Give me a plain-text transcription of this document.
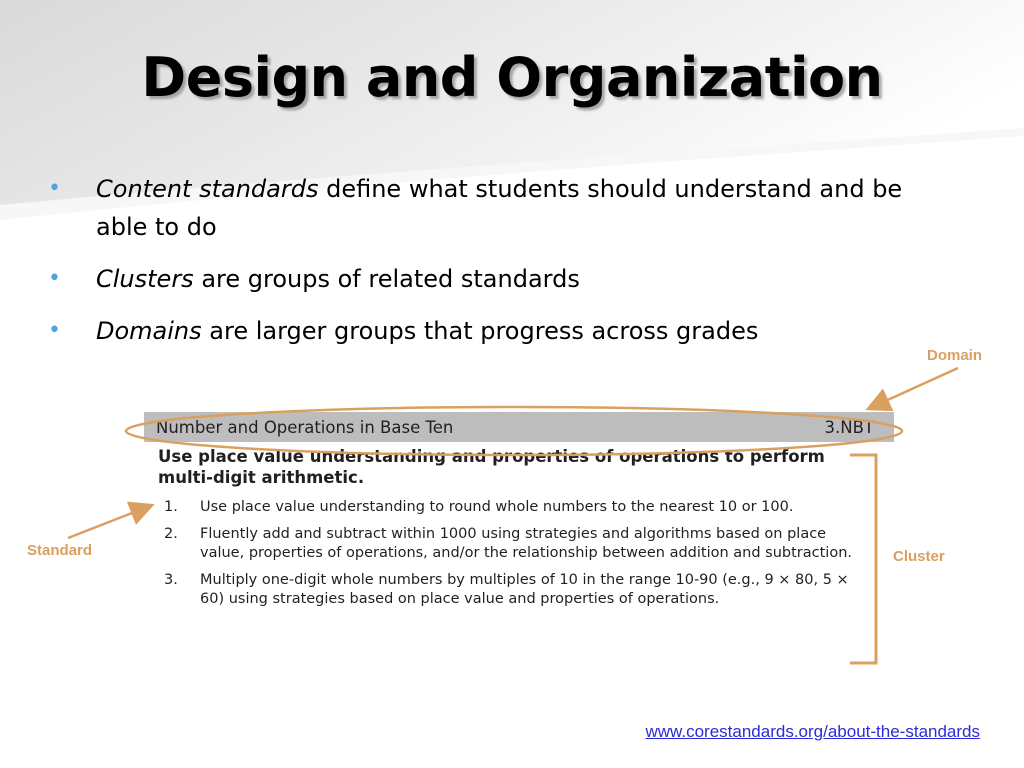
Design and Organization
• Content standards define what students should understand and be able to do
• Clusters are groups of related standards
• Domains are larger groups that progress across grades
Number and Operations in Base Ten	3.NBT
Use place value understanding and properties of operations to perform multi-digit arithmetic.
1.	Use place value understanding to round whole numbers to the nearest 10 or 100.
2.	Fluently add and subtract within 1000 using strategies and algorithms based on place value, properties of operations, and/or the relationship between addition and subtraction.
3.	Multiply one-digit whole numbers by multiples of 10 in the range 10-90 (e.g., 9 × 80, 5 × 60) using strategies based on place value and properties of operations.
Domain
Standard	Cluster
www.corestandards.org/about-the-standards
